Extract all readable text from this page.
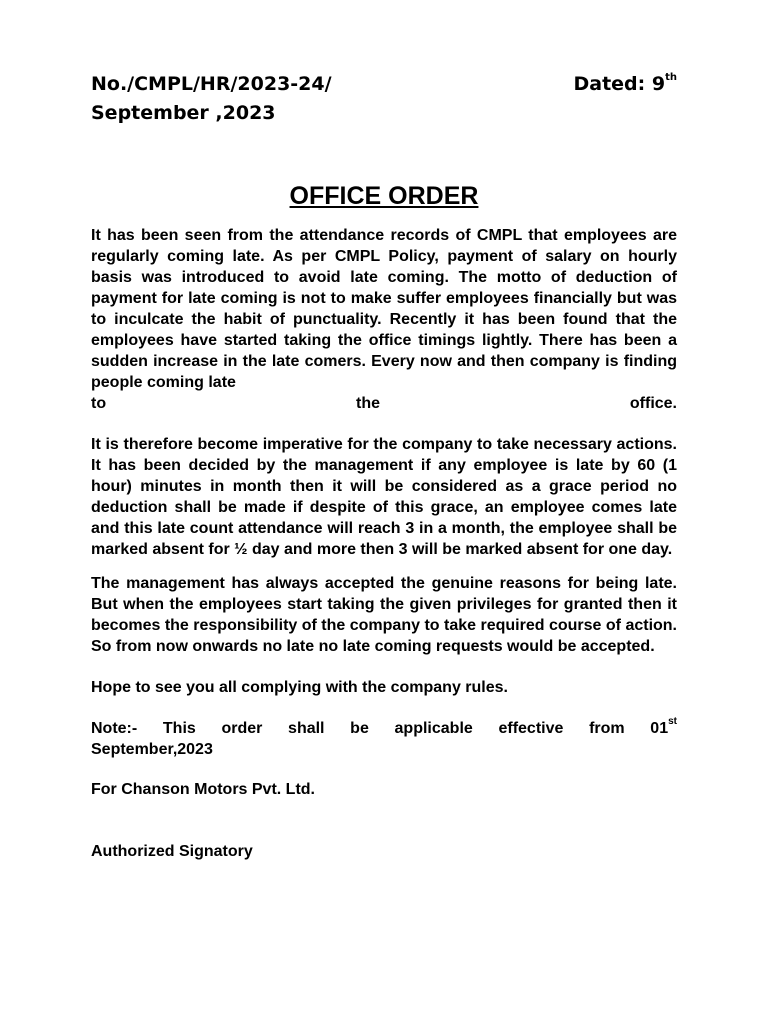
No./CMPL/HR/2023-24/	Dated: 9th
September ,2023
OFFICE ORDER

It has been seen from the attendance records of CMPL that employees are regularly coming late. As per CMPL Policy, payment of salary on hourly basis was introduced to avoid late coming. The motto of deduction of payment for late coming is not to make suffer employees financially but was to inculcate the habit of punctuality. Recently it has been found that the employees have started taking the office timings lightly. There has been a sudden increase in the late comers. Every now and then company is finding people coming late

to the office.

It is therefore become imperative for the company to take necessary actions. It has been decided by the management if any employee is late by 60 (1 hour) minutes in month then it will be considered as a grace period no deduction shall be made if despite of this grace, an employee comes late and this late count attendance will reach 3 in a month, the employee shall be marked absent for ½ day and more then 3 will be marked absent for one day.

The management has always accepted the genuine reasons for being late. But when the employees start taking the given privileges for granted then it becomes the responsibility of the company to take required course of action. So from now onwards no late no late coming requests would be accepted.

Hope to see you all complying with the company rules.

Note:- This order shall be applicable effective from 01st

September,2023

For Chanson Motors Pvt. Ltd.

Authorized Signatory
